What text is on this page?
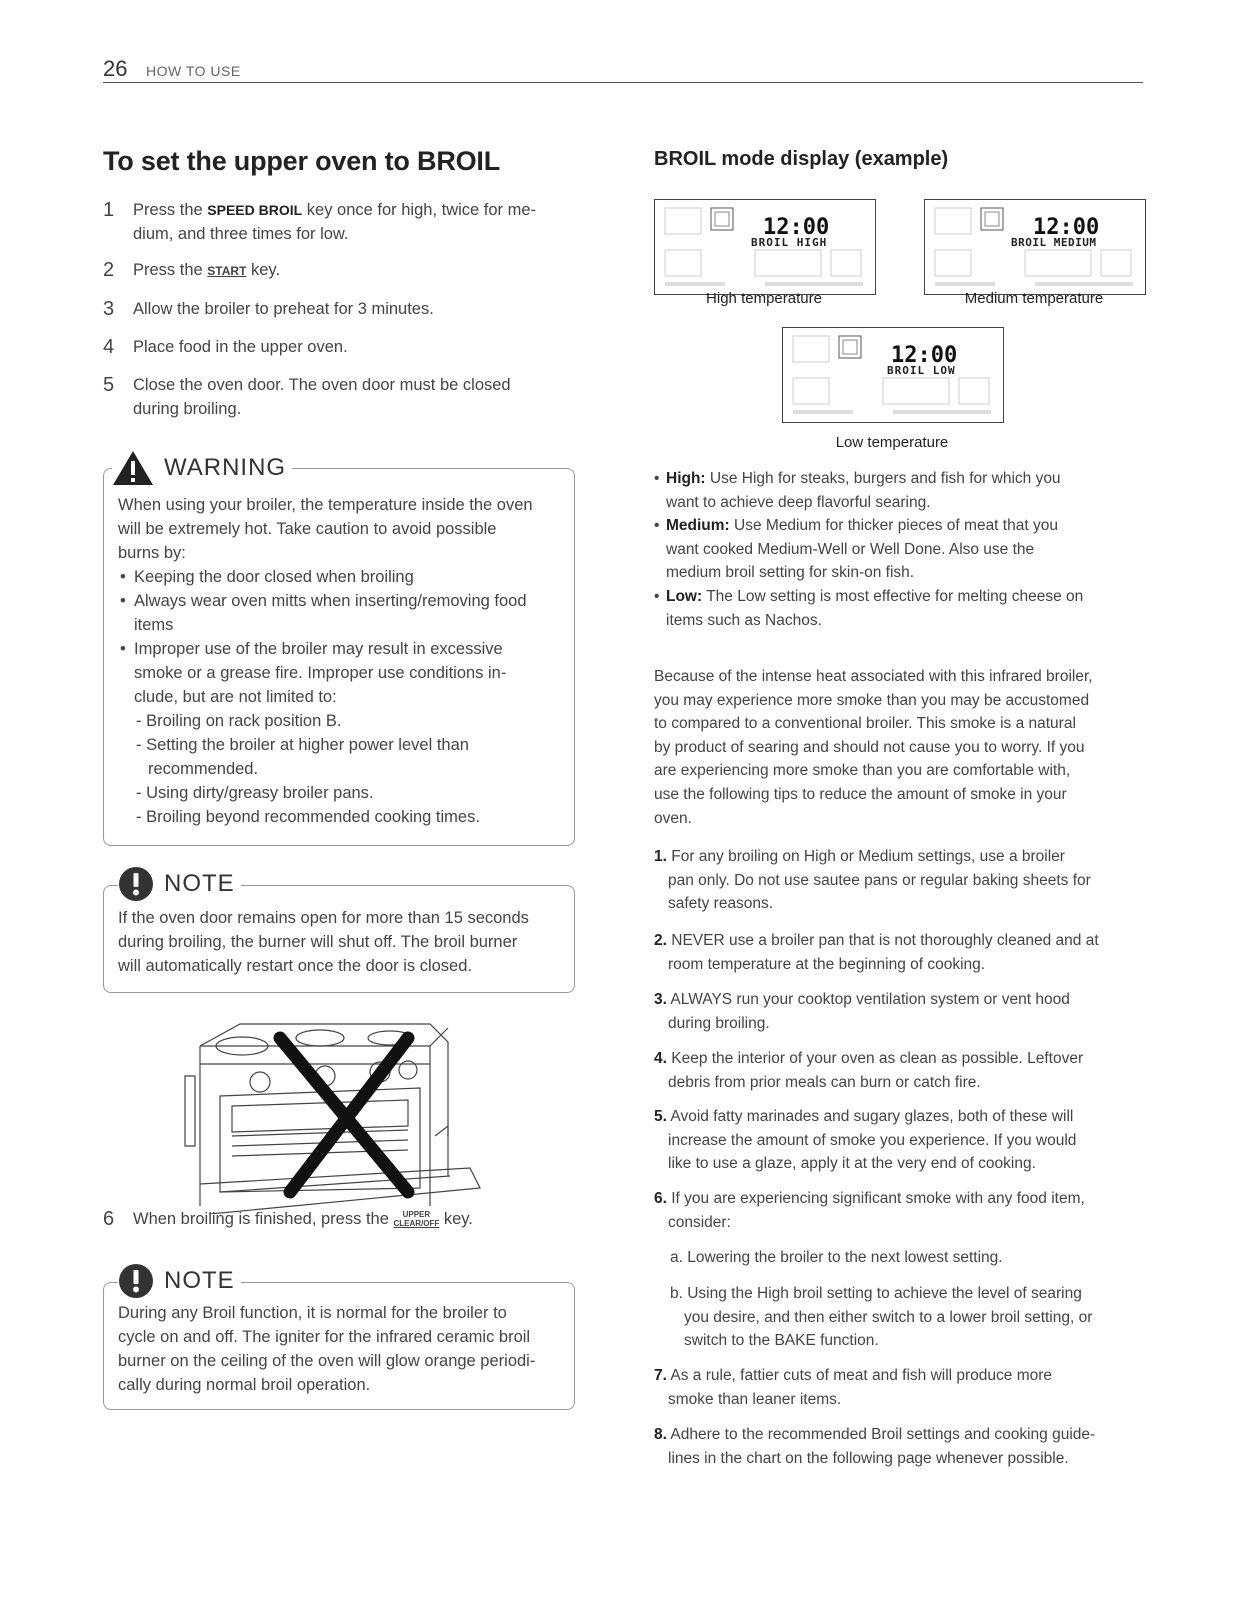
26 HOW TO USE
To set the upper oven to BROIL
1 Press the SPEED BROIL key once for high, twice for me-
dium, and three times for low.
2 Press the START key.
3 Allow the broiler to preheat for 3 minutes.
4 Place food in the upper oven.
5 Close the oven door. The oven door must be closed
during broiling.
WARNING
When using your broiler, the temperature inside the oven
will be extremely hot. Take caution to avoid possible
burns by:
• Keeping the door closed when broiling
• Always wear oven mitts when inserting/removing food
items
• Improper use of the broiler may result in excessive
smoke or a grease fire. Improper use conditions in-
clude, but are not limited to:
- Broiling on rack position B.
- Setting the broiler at higher power level than
recommended.
- Using dirty/greasy broiler pans.
- Broiling beyond recommended cooking times.
NOTE
If the oven door remains open for more than 15 seconds
during broiling, the burner will shut off. The broil burner
will automatically restart once the door is closed.
6 When broiling is finished, press the	UPPER
CLEAR/OFF key.
NOTE
During any Broil function, it is normal for the broiler to
cycle on and off. The igniter for the infrared ceramic broil
burner on the ceiling of the oven will glow orange periodi-
cally during normal broil operation.
BROIL mode display (example)
12:00
BROIL HIGH
High temperature
12:00
BROIL MEDIUM
Medium temperature
12:00
BROIL LOW
Low temperature
• High: Use High for steaks, burgers and fish for which you
want to achieve deep flavorful searing.
• Medium: Use Medium for thicker pieces of meat that you
want cooked Medium-Well or Well Done. Also use the
medium broil setting for skin-on fish.
• Low: The Low setting is most effective for melting cheese on
items such as Nachos.
Because of the intense heat associated with this infrared broiler,
you may experience more smoke than you may be accustomed
to compared to a conventional broiler. This smoke is a natural
by product of searing and should not cause you to worry. If you
are experiencing more smoke than you are comfortable with,
use the following tips to reduce the amount of smoke in your
oven.
1. For any broiling on High or Medium settings, use a broiler
pan only. Do not use sautee pans or regular baking sheets for
safety reasons.
2. NEVER use a broiler pan that is not thoroughly cleaned and at
room temperature at the beginning of cooking.
3. ALWAYS run your cooktop ventilation system or vent hood
during broiling.
4. Keep the interior of your oven as clean as possible. Leftover
debris from prior meals can burn or catch fire.
5. Avoid fatty marinades and sugary glazes, both of these will
increase the amount of smoke you experience. If you would
like to use a glaze, apply it at the very end of cooking.
6. If you are experiencing significant smoke with any food item,
consider:
a. Lowering the broiler to the next lowest setting.
b. Using the High broil setting to achieve the level of searing
you desire, and then either switch to a lower broil setting, or
switch to the BAKE function.
7. As a rule, fattier cuts of meat and fish will produce more
smoke than leaner items.
8. Adhere to the recommended Broil settings and cooking guide-
lines in the chart on the following page whenever possible.
